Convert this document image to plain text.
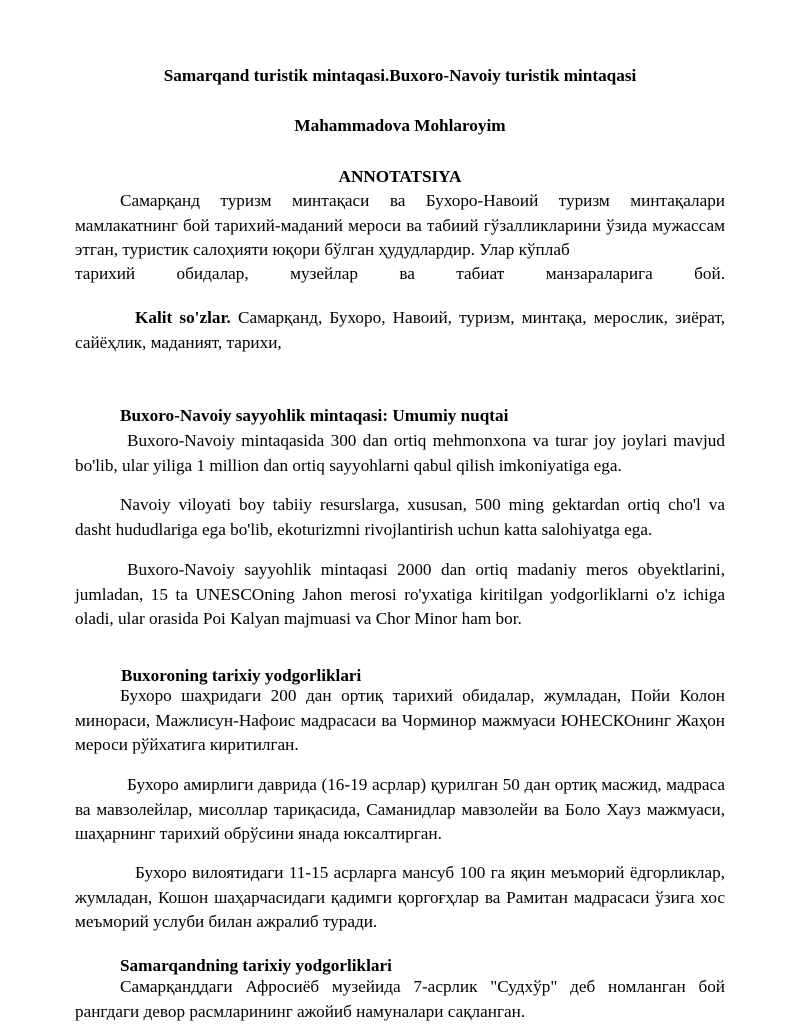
Samarqand turistik mintaqasi.Buxoro-Navoiy turistik mintaqasi
Mahammadova Mohlaroyim
ANNOTATSIYA
Самарқанд туризм минтақаси ва Бухоро-Навоий туризм минтақалари мамлакатнинг бой тарихий-маданий мероси ва табиий гўзалликларини ўзида мужассам этган, туристик салоҳияти юқори бўлган ҳудудлардир. Улар кўплаб
тарихий обидалар, музейлар ва табиат манзараларига бой.
Kalit so'zlar. Самарқанд, Бухоро, Навоий, туризм, минтақа, мерослик, зиёрат, сайёҳлик, маданият, тарихи,
Buxoro-Navoiy sayyohlik mintaqasi: Umumiy nuqtai
Buxoro-Navoiy mintaqasida 300 dan ortiq mehmonxona va turar joy joylari mavjud bo'lib, ular yiliga 1 million dan ortiq sayyohlarni qabul qilish imkoniyatiga ega.
Navoiy viloyati boy tabiiy resurslarga, xususan, 500 ming gektardan ortiq cho'l va dasht hududlariga ega bo'lib, ekoturizmni rivojlantirish uchun katta salohiyatga ega.
Buxoro-Navoiy sayyohlik mintaqasi 2000 dan ortiq madaniy meros obyektlarini, jumladan, 15 ta UNESCOning Jahon merosi ro'yxatiga kiritilgan yodgorliklarni o'z ichiga oladi, ular orasida Poi Kalyan majmuasi va Chor Minor ham bor.
Buxoroning tarixiy yodgorliklari
Бухоро шаҳридаги 200 дан ортиқ тарихий обидалар, жумладан, Пойи Колон минораси, Мажлисун-Нафоис мадрасаси ва Чорминор мажмуаси ЮНЕСКОнинг Жаҳон мероси рўйхатига киритилган.
Бухоро амирлиги даврида (16-19 асрлар) қурилган 50 дан ортиқ масжид, мадраса ва мавзолейлар, мисоллар тариқасида, Саманидлар мавзолейи ва Боло Хауз мажмуаси, шаҳарнинг тарихий обрўсини янада юксалтирган.
Бухоро вилоятидаги 11-15 асрларга мансуб 100 га яқин меъморий ёдгорликлар, жумладан, Кошон шаҳарчасидаги қадимги қоргоғҳлар ва Рамитан мадрасаси ўзига хос меъморий услуби билан ажралиб туради.
Samarqandning tarixiy yodgorliklari
Самарқанддаги Афросиёб музейида 7-асрлик "Судхўр" деб номланган бой рангдаги девор расмларининг ажойиб намуналари сақланган.
